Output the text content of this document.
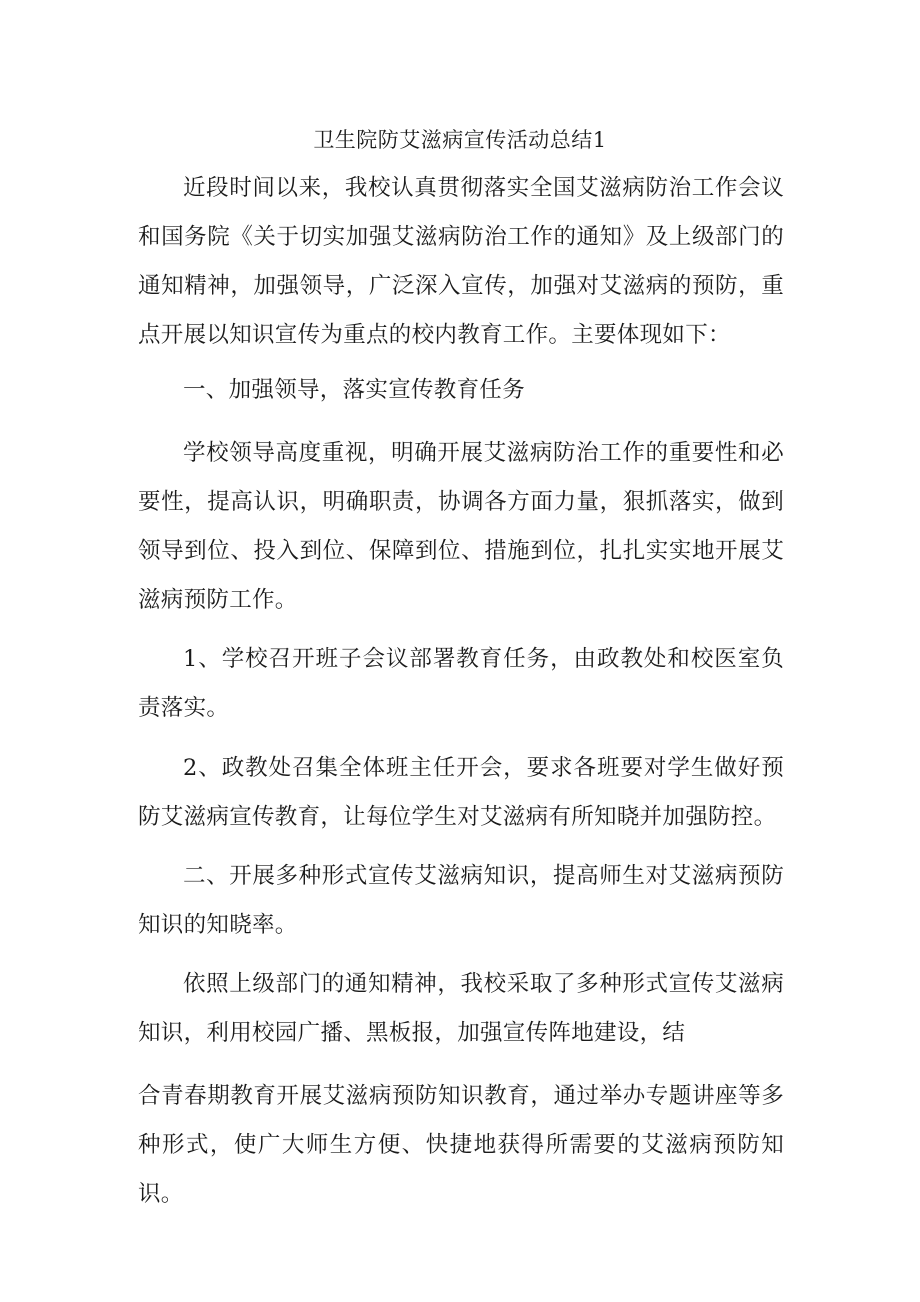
卫生院防艾滋病宣传活动总结1

近段时间以来，我校认真贯彻落实全国艾滋病防治工作会议和国务院《关于切实加强艾滋病防治工作的通知》及上级部门的通知精神，加强领导，广泛深入宣传，加强对艾滋病的预防，重点开展以知识宣传为重点的校内教育工作。主要体现如下：

一、加强领导，落实宣传教育任务

学校领导高度重视，明确开展艾滋病防治工作的重要性和必要性，提高认识，明确职责，协调各方面力量，狠抓落实，做到领导到位、投入到位、保障到位、措施到位，扎扎实实地开展艾滋病预防工作。

1、学校召开班子会议部署教育任务，由政教处和校医室负责落实。

2、政教处召集全体班主任开会，要求各班要对学生做好预防艾滋病宣传教育，让每位学生对艾滋病有所知晓并加强防控。

二、开展多种形式宣传艾滋病知识，提高师生对艾滋病预防知识的知晓率。

依照上级部门的通知精神，我校采取了多种形式宣传艾滋病知识，利用校园广播、黑板报，加强宣传阵地建设，结

合青春期教育开展艾滋病预防知识教育，通过举办专题讲座等多种形式，使广大师生方便、快捷地获得所需要的艾滋病预防知识。
